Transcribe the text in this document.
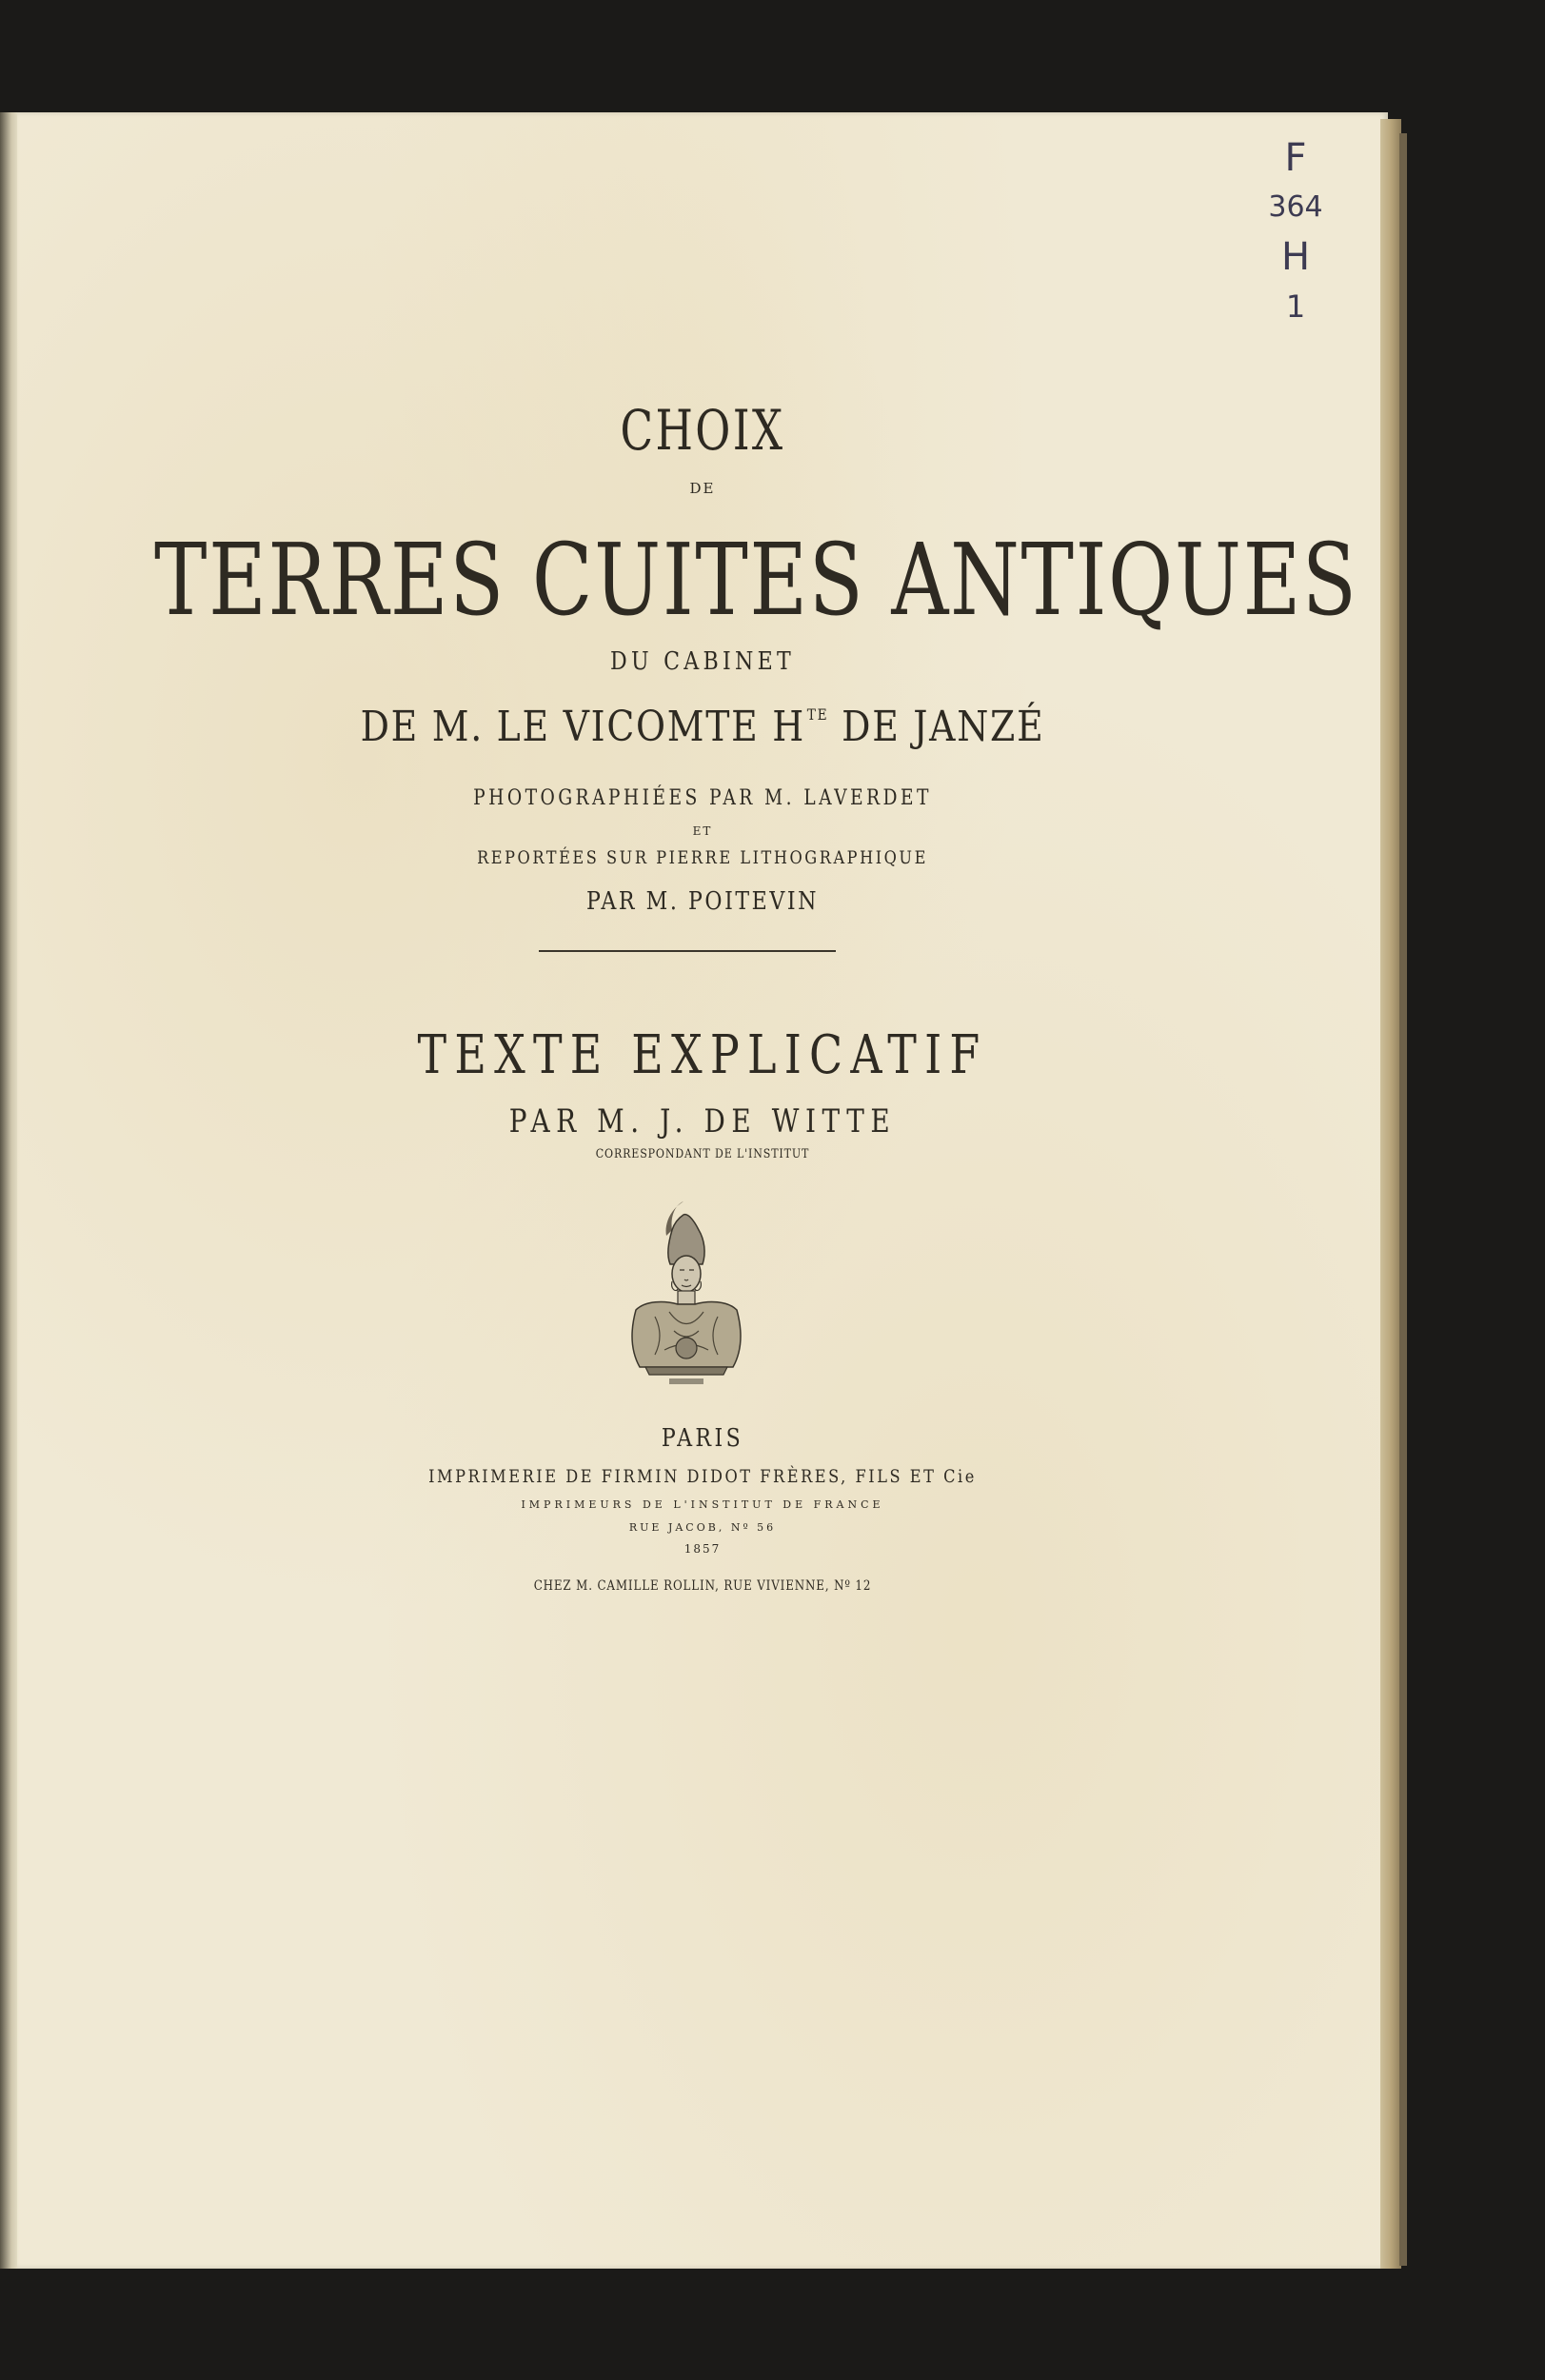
CHOIX
DE
TERRES CUITES ANTIQUES
DU CABINET
DE M. LE VICOMTE H $^{TE}$ DE JANZÉ
PHOTOGRAPHIÉES PAR M. LAVERDET
ET
REPORTÉES SUR PIERRE LITHOGRAPHIQUE
PAR M. POITEVIN
TEXTE EXPLICATIF
PAR M. J. DE WITTE
CORRESPONDANT DE L'INSTITUT
PARIS
IMPRIMERIE DE FIRMIN DIDOT FRÈRES, FILS ET Cie
IMPRIMEURS DE L'INSTITUT DE FRANCE
RUE JACOB, Nº 56
1857
CHEZ M. CAMILLE ROLLIN, RUE VIVIENNE, Nº 12
F
364
H
1
